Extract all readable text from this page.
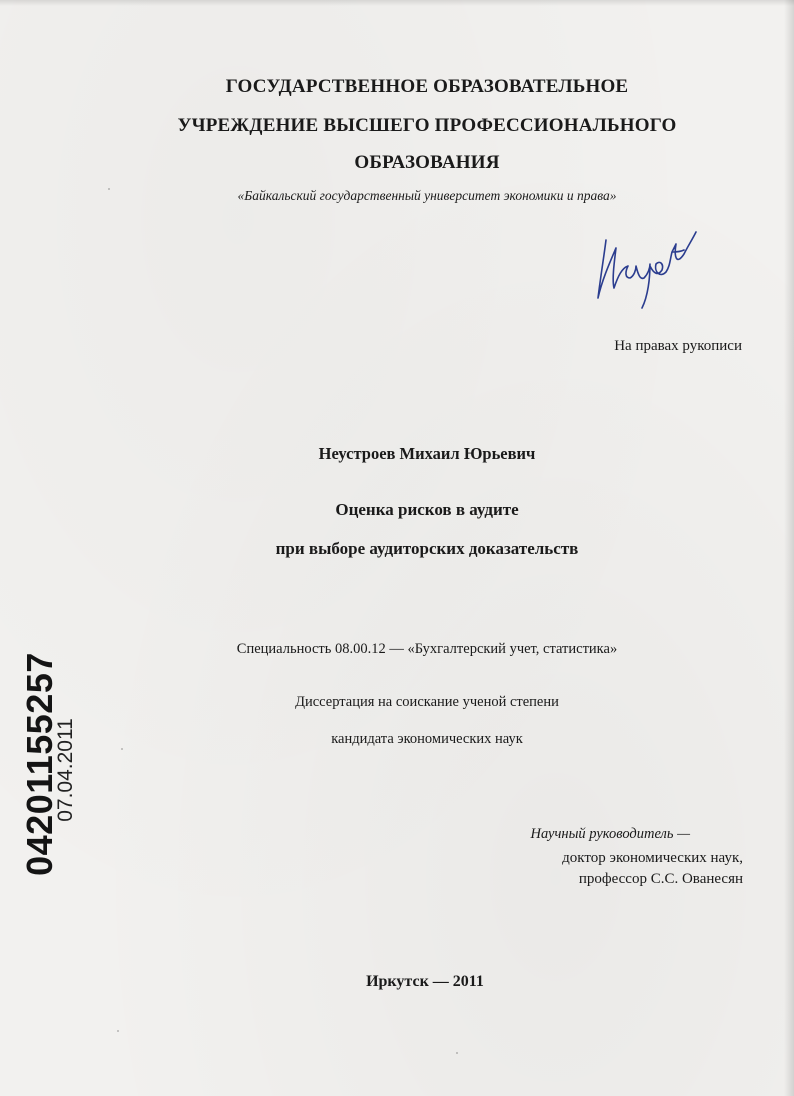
ГОСУДАРСТВЕННОЕ ОБРАЗОВАТЕЛЬНОЕ
УЧРЕЖДЕНИЕ ВЫСШЕГО ПРОФЕССИОНАЛЬНОГО
ОБРАЗОВАНИЯ
«Байкальский государственный университет экономики и права»
На правах рукописи
Неустроев Михаил Юрьевич
Оценка рисков в аудите
при выборе аудиторских доказательств
Специальность 08.00.12 — «Бухгалтерский учет, статистика»
Диссертация на соискание ученой степени
кандидата экономических наук
Научный руководитель —
доктор экономических наук,
профессор С.С. Ованесян
Иркутск — 2011
04201155257
07.04.2011
